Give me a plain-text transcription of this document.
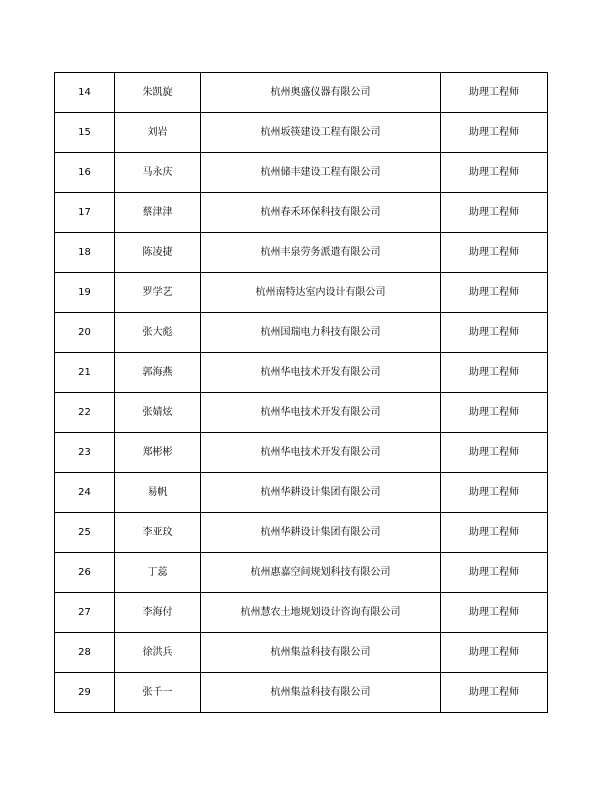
14	朱凯旋	杭州奥盛仪器有限公司	助理工程师
15	刘岩	杭州坂筷建设工程有限公司	助理工程师
16	马永庆	杭州储丰建设工程有限公司	助理工程师
17	蔡津津	杭州春禾环保科技有限公司	助理工程师
18	陈凌捷	杭州丰泉劳务派遣有限公司	助理工程师
19	罗学艺	杭州南特达室内设计有限公司	助理工程师
20	张大彪	杭州国瑞电力科技有限公司	助理工程师
21	郭海燕	杭州华电技术开发有限公司	助理工程师
22	张婧炫	杭州华电技术开发有限公司	助理工程师
23	郑彬彬	杭州华电技术开发有限公司	助理工程师
24	易帆	杭州华耕设计集团有限公司	助理工程师
25	李亚玟	杭州华耕设计集团有限公司	助理工程师
26	丁蕊	杭州惠嘉空间规划科技有限公司	助理工程师
27	李海付	杭州慧农土地规划设计咨询有限公司	助理工程师
28	徐洪兵	杭州集益科技有限公司	助理工程师
29	张千一	杭州集益科技有限公司	助理工程师
